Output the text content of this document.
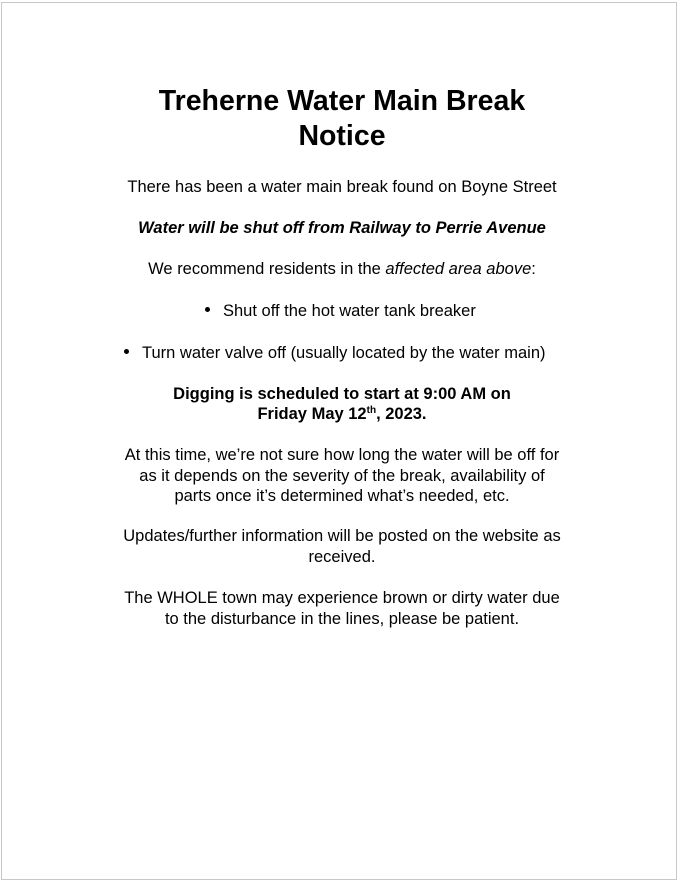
Treherne Water Main Break
Notice

There has been a water main break found on Boyne Street

Water will be shut off from Railway to Perrie Avenue

We recommend residents in the affected area above:

Shut off the hot water tank breaker

Turn water valve off (usually located by the water main)

Digging is scheduled to start at 9:00 AM on

Friday May 12th, 2023.

At this time, we’re not sure how long the water will be off for

as it depends on the severity of the break, availability of

parts once it’s determined what’s needed, etc.

Updates/further information will be posted on the website as

received.

The WHOLE town may experience brown or dirty water due

to the disturbance in the lines, please be patient.
